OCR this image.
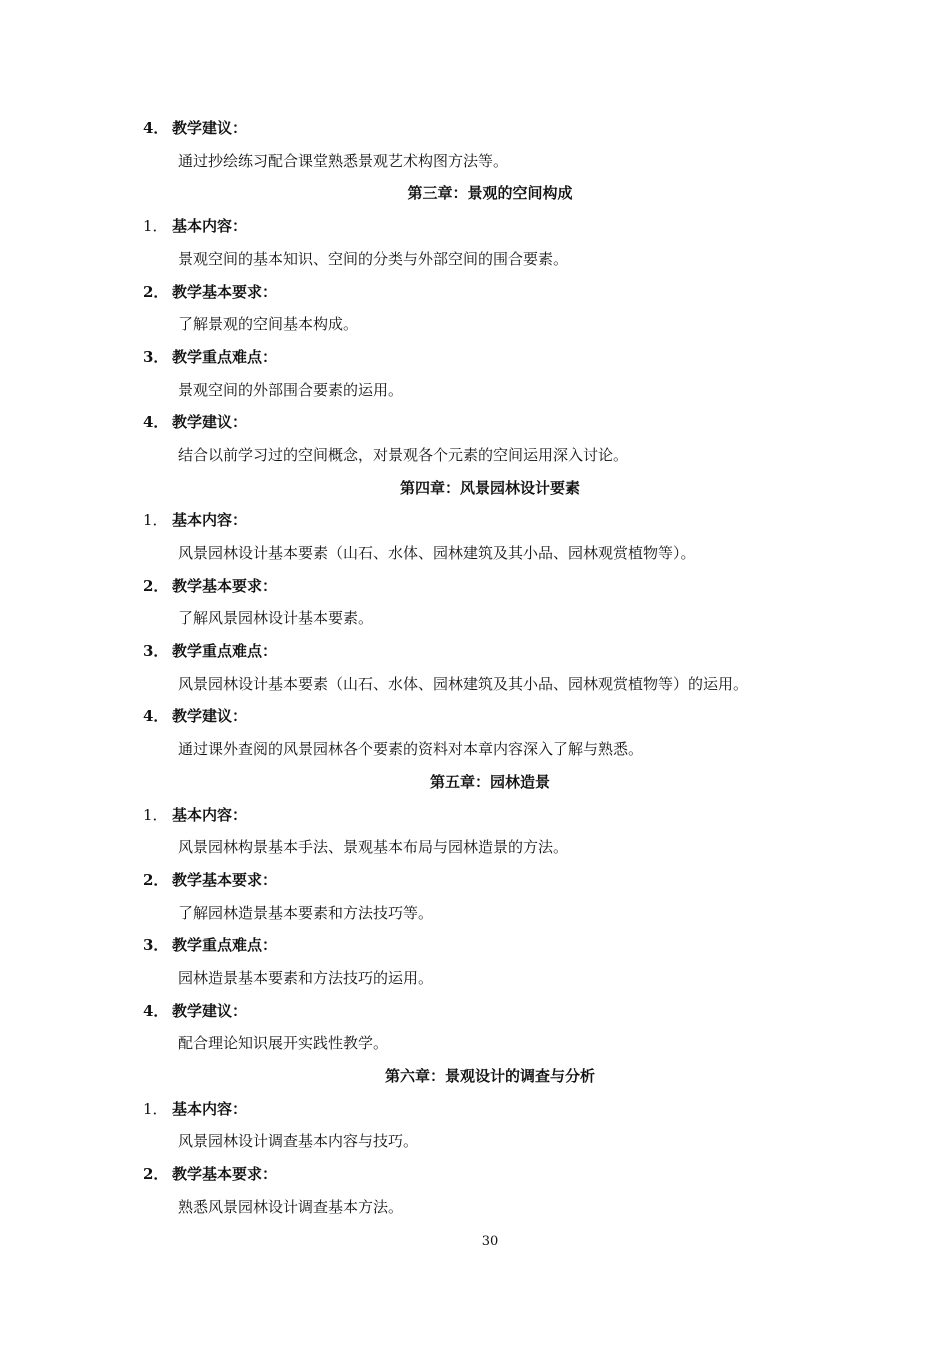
4． 教学建议：
通过抄绘练习配合课堂熟悉景观艺术构图方法等。
第三章：景观的空间构成
1． 基本内容：
景观空间的基本知识、空间的分类与外部空间的围合要素。
2． 教学基本要求：
了解景观的空间基本构成。
3． 教学重点难点：
景观空间的外部围合要素的运用。
4． 教学建议：
结合以前学习过的空间概念，对景观各个元素的空间运用深入讨论。
第四章：风景园林设计要素
1． 基本内容：
风景园林设计基本要素（山石、水体、园林建筑及其小品、园林观赏植物等）。
2． 教学基本要求：
了解风景园林设计基本要素。
3． 教学重点难点：
风景园林设计基本要素（山石、水体、园林建筑及其小品、园林观赏植物等）的运用。
4． 教学建议：
通过课外查阅的风景园林各个要素的资料对本章内容深入了解与熟悉。
第五章：园林造景
1． 基本内容：
风景园林构景基本手法、景观基本布局与园林造景的方法。
2． 教学基本要求：
了解园林造景基本要素和方法技巧等。
3． 教学重点难点：
园林造景基本要素和方法技巧的运用。
4． 教学建议：
配合理论知识展开实践性教学。
第六章：景观设计的调查与分析
1． 基本内容：
风景园林设计调查基本内容与技巧。
2． 教学基本要求：
熟悉风景园林设计调查基本方法。
30
